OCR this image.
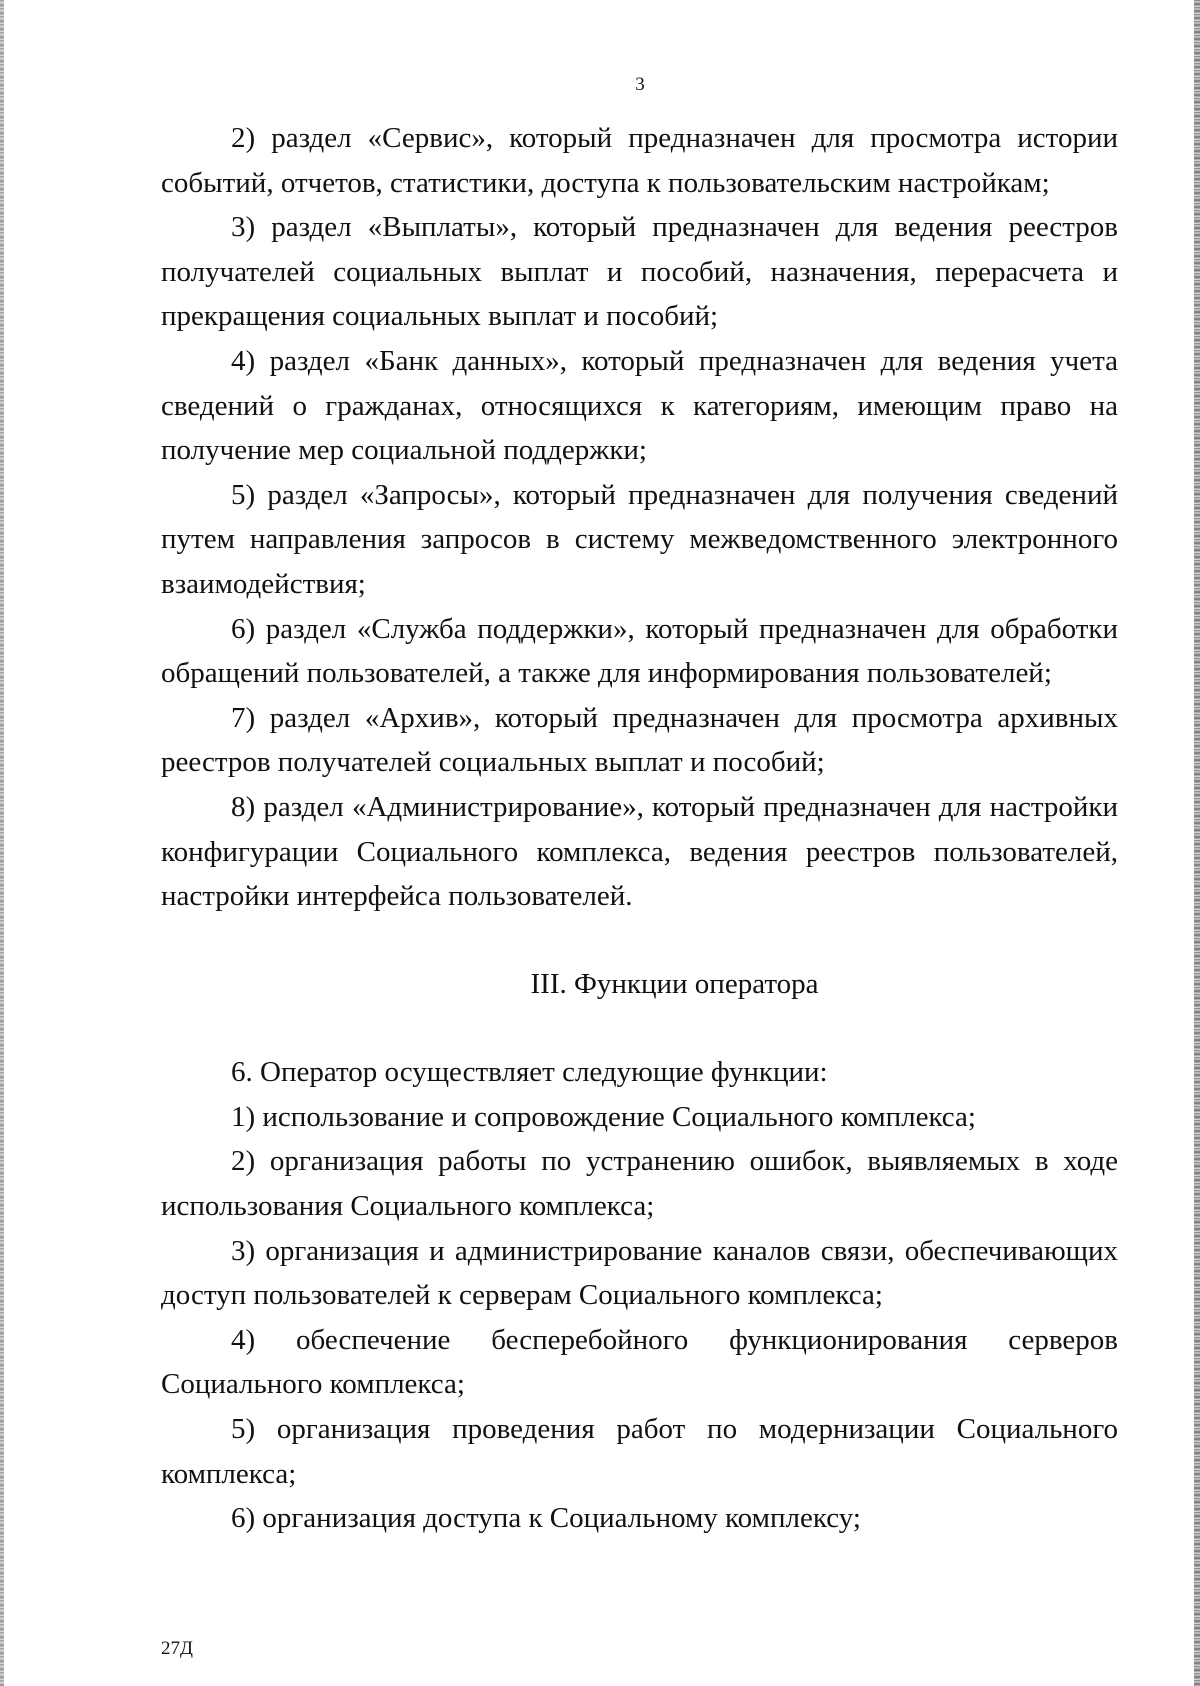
3

2) раздел «Сервис», который предназначен для просмотра истории событий, отчетов, статистики, доступа к пользовательским настройкам;

3) раздел «Выплаты», который предназначен для ведения реестров получателей социальных выплат и пособий, назначения, перерасчета и прекращения социальных выплат и пособий;

4) раздел «Банк данных», который предназначен для ведения учета сведений о гражданах, относящихся к категориям, имеющим право на получение мер социальной поддержки;

5) раздел «Запросы», который предназначен для получения сведений путем направления запросов в систему межведомственного электронного взаимодействия;

6) раздел «Служба поддержки», который предназначен для обработки обращений пользователей, а также для информирования пользователей;

7) раздел «Архив», который предназначен для просмотра архивных реестров получателей социальных выплат и пособий;

8) раздел «Администрирование», который предназначен для настройки конфигурации Социального комплекса, ведения реестров пользователей, настройки интерфейса пользователей.

III. Функции оператора

6. Оператор осуществляет следующие функции:

1) использование и сопровождение Социального комплекса;

2) организация работы по устранению ошибок, выявляемых в ходе использования Социального комплекса;

3) организация и администрирование каналов связи, обеспечивающих доступ пользователей к серверам Социального комплекса;

4) обеспечение бесперебойного функционирования серверов Социального комплекса;

5) организация проведения работ по модернизации Социального комплекса;

6) организация доступа к Социальному комплексу;

27Д
